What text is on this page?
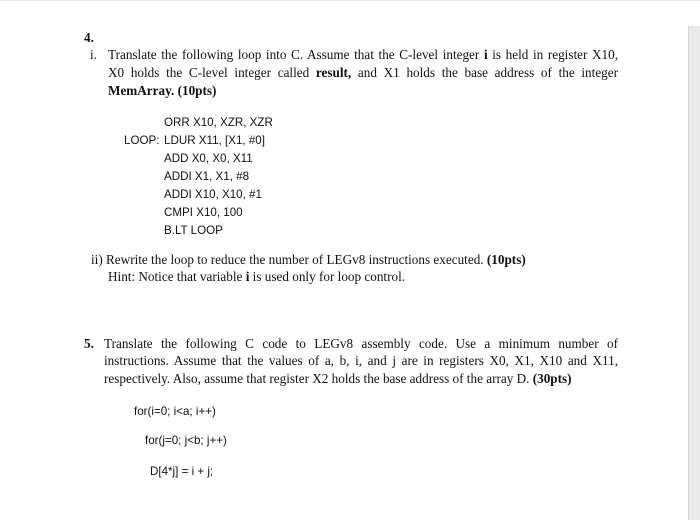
4.
i. Translate the following loop into C. Assume that the C-level integer i is held in register X10,
X0 holds the C-level integer called result, and X1 holds the base address of the integer
MemArray. (10pts)
ORR X10, XZR, XZR
LOOP: LDUR X11, [X1, #0]
ADD X0, X0, X11
ADDI X1, X1, #8
ADDI X10, X10, #1
CMPI X10, 100
B.LT LOOP
ii) Rewrite the loop to reduce the number of LEGv8 instructions executed. (10pts)
Hint: Notice that variable i is used only for loop control.
5. Translate the following C code to LEGv8 assembly code. Use a minimum number of
instructions. Assume that the values of a, b, i, and j are in registers X0, X1, X10 and X11,
respectively. Also, assume that register X2 holds the base address of the array D. (30pts)
for(i=0; i<a; i++)
for(j=0; j<b; j++)
D[4*j] = i + j;
